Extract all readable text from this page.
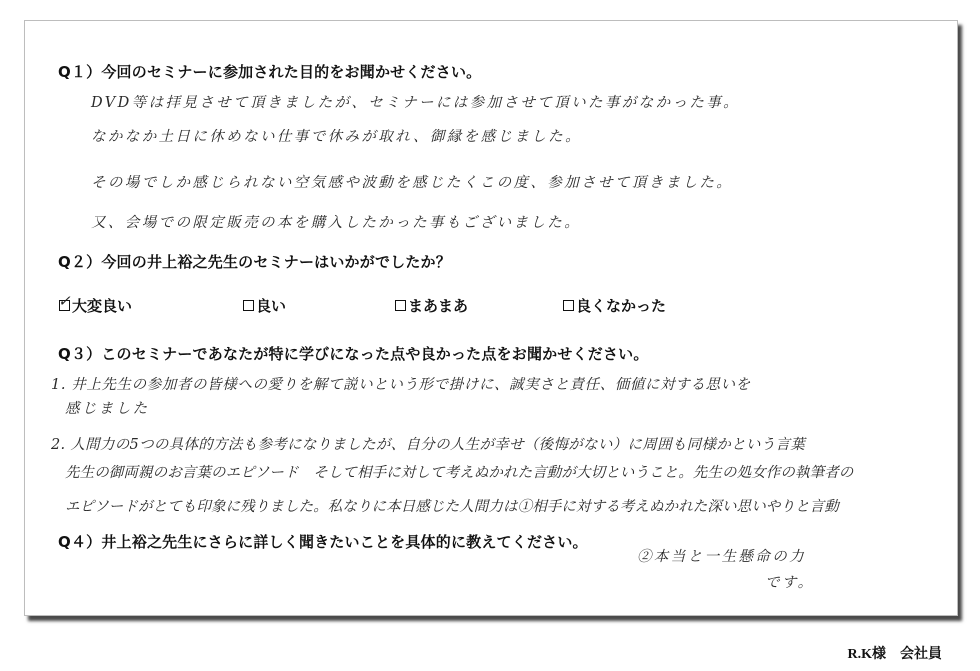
Q１）今回のセミナーに参加された目的をお聞かせください。
DVD等は拝見させて頂きましたが、セミナーには参加させて頂いた事がなかった事。
なかなか土日に休めない仕事で休みが取れ、御縁を感じました。
その場でしか感じられない空気感や波動を感じたくこの度、参加させて頂きました。
又、会場での限定販売の本を購入したかった事もございました。
Q２）今回の井上裕之先生のセミナーはいかがでしたか？
✓ 大変良い	良い	まあまあ	良くなかった
Q３）このセミナーであなたが特に学びになった点や良かった点をお聞かせください。
1. 井上先生の参加者の皆様への愛りを解て説いという形で掛けに、誠実さと責任、価値に対する思いを
感じました
2. 人間力の5つの具体的方法も参考になりましたが、自分の人生が幸せ（後悔がない）に周囲も同様かという言葉
先生の御両親のお言葉のエピソード　そして相手に対して考えぬかれた言動が大切ということ。先生の処女作の執筆者の
エピソードがとても印象に残りました。私なりに本日感じた人間力は①相手に対する考えぬかれた深い思いやりと言動
Q４）井上裕之先生にさらに詳しく聞きたいことを具体的に教えてください。
②本当と一生懸命の力
です。
R.K様 会社員
